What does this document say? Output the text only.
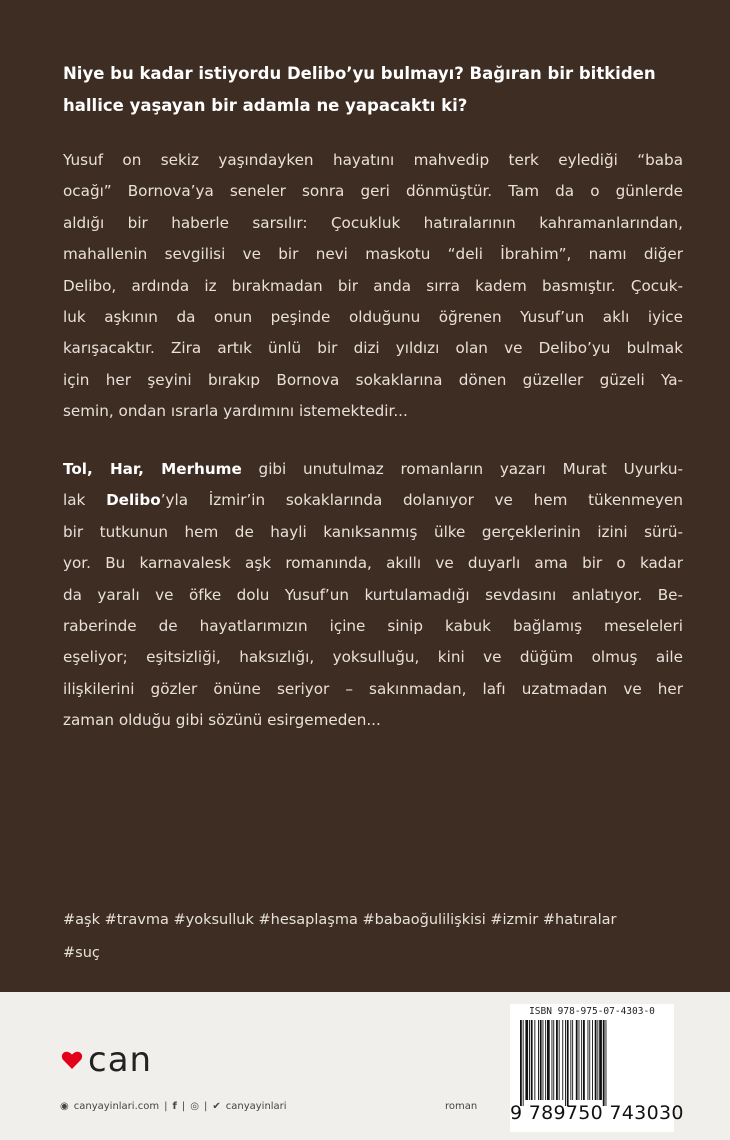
Niye bu kadar istiyordu Delibo’yu bulmayı? Bağıran bir bitkiden
hallice yaşayan bir adamla ne yapacaktı ki?
Yusuf on sekiz yaşındayken hayatını mahvedip terk eylediği “baba
ocağı” Bornova’ya seneler sonra geri dönmüştür. Tam da o günlerde
aldığı bir haberle sarsılır: Çocukluk hatıralarının kahramanlarından,
mahallenin sevgilisi ve bir nevi maskotu “deli İbrahim”, namı diğer
Delibo, ardında iz bırakmadan bir anda sırra kadem basmıştır. Çocuk-
luk aşkının da onun peşinde olduğunu öğrenen Yusuf’un aklı iyice
karışacaktır. Zira artık ünlü bir dizi yıldızı olan ve Delibo’yu bulmak
için her şeyini bırakıp Bornova sokaklarına dönen güzeller güzeli Ya-
semin, ondan ısrarla yardımını istemektedir...
Tol, Har, Merhume gibi unutulmaz romanların yazarı Murat Uyurku-
lak Delibo’yla İzmir’in sokaklarında dolanıyor ve hem tükenmeyen
bir tutkunun hem de hayli kanıksanmış ülke gerçeklerinin izini sürü-
yor. Bu karnavalesk aşk romanında, akıllı ve duyarlı ama bir o kadar
da yaralı ve öfke dolu Yusuf’un kurtulamadığı sevdasını anlatıyor. Be-
raberinde de hayatlarımızın içine sinip kabuk bağlamış meseleleri
eşeliyor; eşitsizliği, haksızlığı, yoksulluğu, kini ve düğüm olmuş aile
ilişkilerini gözler önüne seriyor – sakınmadan, lafı uzatmadan ve her
zaman olduğu gibi sözünü esirgemeden...
#aşk #travma #yoksulluk #hesaplaşma #babaoğulilişkisi #izmir #hatıralar
#suç
can
◉ canyayinlari.com | f | ◎ | ✔ canyayinlari	roman
ISBN 978-975-07-4303-0
9 789750 743030
